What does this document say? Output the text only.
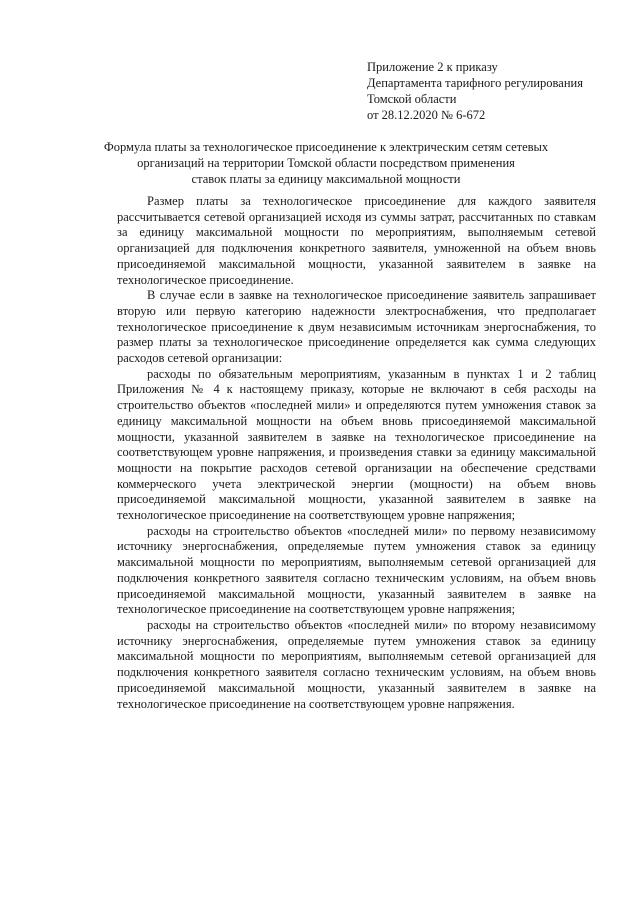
Приложение 2 к приказу
Департамента тарифного регулирования
Томской области
от 28.12.2020 № 6-672
Формула платы за технологическое присоединение к электрическим сетям сетевых
организаций на территории Томской области посредством применения
ставок платы за единицу максимальной мощности

Размер платы за технологическое присоединение для каждого заявителя рассчитывается сетевой организацией исходя из суммы затрат, рассчитанных по ставкам за единицу максимальной мощности по мероприятиям, выполняемым сетевой организацией для подключения конкретного заявителя, умноженной на объем вновь присоединяемой максимальной мощности, указанной заявителем в заявке на технологическое присоединение.

В случае если в заявке на технологическое присоединение заявитель запрашивает вторую или первую категорию надежности электроснабжения, что предполагает технологическое присоединение к двум независимым источникам энергоснабжения, то размер платы за технологическое присоединение определяется как сумма следующих расходов сетевой организации:

расходы по обязательным мероприятиям, указанным в пунктах 1 и 2 таблиц Приложения № 4 к настоящему приказу, которые не включают в себя расходы на строительство объектов «последней мили» и определяются путем умножения ставок за единицу максимальной мощности на объем вновь присоединяемой максимальной мощности, указанной заявителем в заявке на технологическое присоединение на соответствующем уровне напряжения, и произведения ставки за единицу максимальной мощности на покрытие расходов сетевой организации на обеспечение средствами коммерческого учета электрической энергии (мощности) на объем вновь присоединяемой максимальной мощности, указанной заявителем в заявке на технологическое присоединение на соответствующем уровне напряжения;

расходы на строительство объектов «последней мили» по первому независимому источнику энергоснабжения, определяемые путем умножения ставок за единицу максимальной мощности по мероприятиям, выполняемым сетевой организацией для подключения конкретного заявителя согласно техническим условиям, на объем вновь присоединяемой максимальной мощности, указанный заявителем в заявке на технологическое присоединение на соответствующем уровне напряжения;

расходы на строительство объектов «последней мили» по второму независимому источнику энергоснабжения, определяемые путем умножения ставок за единицу максимальной мощности по мероприятиям, выполняемым сетевой организацией для подключения конкретного заявителя согласно техническим условиям, на объем вновь присоединяемой максимальной мощности, указанный заявителем в заявке на технологическое присоединение на соответствующем уровне напряжения.
